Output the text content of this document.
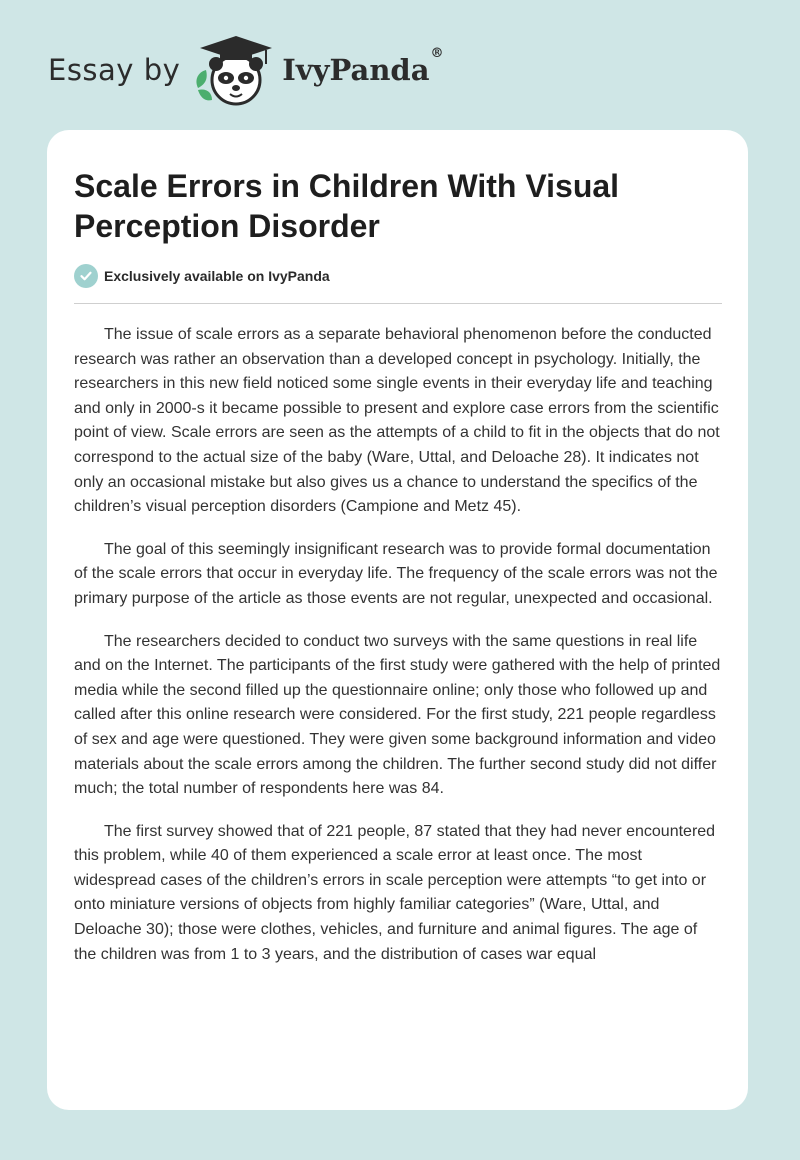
Essay by	IvyPanda®
Scale Errors in Children With Visual Perception Disorder
Exclusively available on IvyPanda

The issue of scale errors as a separate behavioral phenomenon before the conducted research was rather an observation than a developed concept in psychology. Initially, the researchers in this new field noticed some single events in their everyday life and teaching and only in 2000-s it became possible to present and explore case errors from the scientific point of view. Scale errors are seen as the attempts of a child to fit in the objects that do not correspond to the actual size of the baby (Ware, Uttal, and Deloache 28). It indicates not only an occasional mistake but also gives us a chance to understand the specifics of the children’s visual perception disorders (Campione and Metz 45).

The goal of this seemingly insignificant research was to provide formal documentation of the scale errors that occur in everyday life. The frequency of the scale errors was not the primary purpose of the article as those events are not regular, unexpected and occasional.

The researchers decided to conduct two surveys with the same questions in real life and on the Internet. The participants of the first study were gathered with the help of printed media while the second filled up the questionnaire online; only those who followed up and called after this online research were considered. For the first study, 221 people regardless of sex and age were questioned. They were given some background information and video materials about the scale errors among the children. The further second study did not differ much; the total number of respondents here was 84.

The first survey showed that of 221 people, 87 stated that they had never encountered this problem, while 40 of them experienced a scale error at least once. The most widespread cases of the children’s errors in scale perception were attempts “to get into or onto miniature versions of objects from highly familiar categories” (Ware, Uttal, and Deloache 30); those were clothes, vehicles, and furniture and animal figures. The age of the children was from 1 to 3 years, and the distribution of cases war equal
